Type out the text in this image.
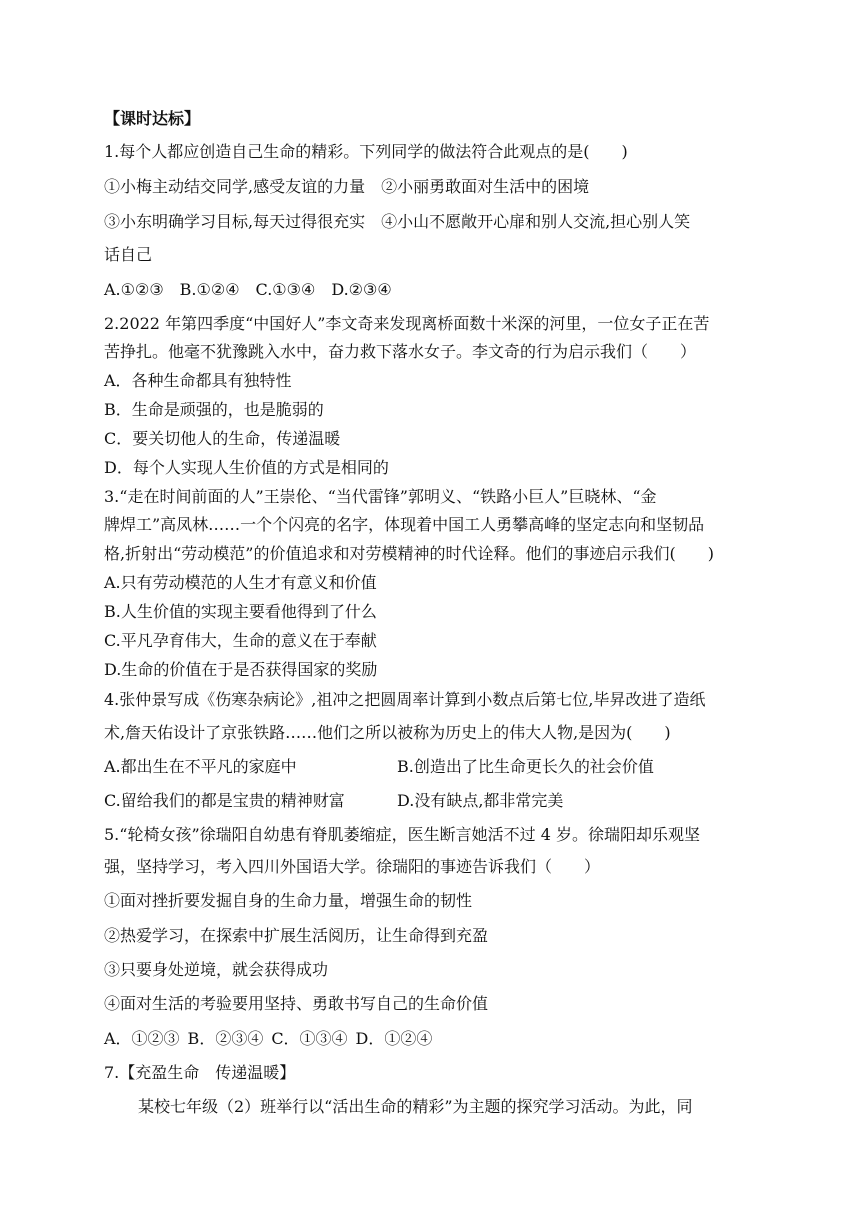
【课时达标】
1.每个人都应创造自己生命的精彩。下列同学的做法符合此观点的是(　　)
①小梅主动结交同学,感受友谊的力量　②小丽勇敢面对生活中的困境
③小东明确学习目标,每天过得很充实　④小山不愿敞开心扉和别人交流,担心别人笑
话自己
A.①②③　B.①②④　C.①③④　D.②③④
2.2022 年第四季度“中国好人”李文奇来发现离桥面数十米深的河里，一位女子正在苦
苦挣扎。他毫不犹豫跳入水中，奋力救下落水女子。李文奇的行为启示我们（　　）
A．各种生命都具有独特性
B．生命是顽强的，也是脆弱的
C．要关切他人的生命，传递温暖
D．每个人实现人生价值的方式是相同的
3.“走在时间前面的人”王崇伦、“当代雷锋”郭明义、“铁路小巨人”巨晓林、“金
牌焊工”高凤林……一个个闪亮的名字，体现着中国工人勇攀高峰的坚定志向和坚韧品
格,折射出“劳动模范”的价值追求和对劳模精神的时代诠释。他们的事迹启示我们(　　)
A.只有劳动模范的人生才有意义和价值
B.人生价值的实现主要看他得到了什么
C.平凡孕育伟大，生命的意义在于奉献
D.生命的价值在于是否获得国家的奖励
4.张仲景写成《伤寒杂病论》,祖冲之把圆周率计算到小数点后第七位,毕昇改进了造纸
术,詹天佑设计了京张铁路……他们之所以被称为历史上的伟大人物,是因为(　　)
A.都出生在不平凡的家庭中	B.创造出了比生命更长久的社会价值
C.留给我们的都是宝贵的精神财富	D.没有缺点,都非常完美
5.“轮椅女孩”徐瑞阳自幼患有脊肌萎缩症，医生断言她活不过 4 岁。徐瑞阳却乐观坚
强，坚持学习，考入四川外国语大学。徐瑞阳的事迹告诉我们（　　）
①面对挫折要发掘自身的生命力量，增强生命的韧性
②热爱学习，在探索中扩展生活阅历，让生命得到充盈
③只要身处逆境，就会获得成功
④面对生活的考验要用坚持、勇敢书写自己的生命价值
A．①②③ B．②③④ C．①③④ D．①②④
7.【充盈生命　传递温暖】
某校七年级（2）班举行以“活出生命的精彩”为主题的探究学习活动。为此，同
